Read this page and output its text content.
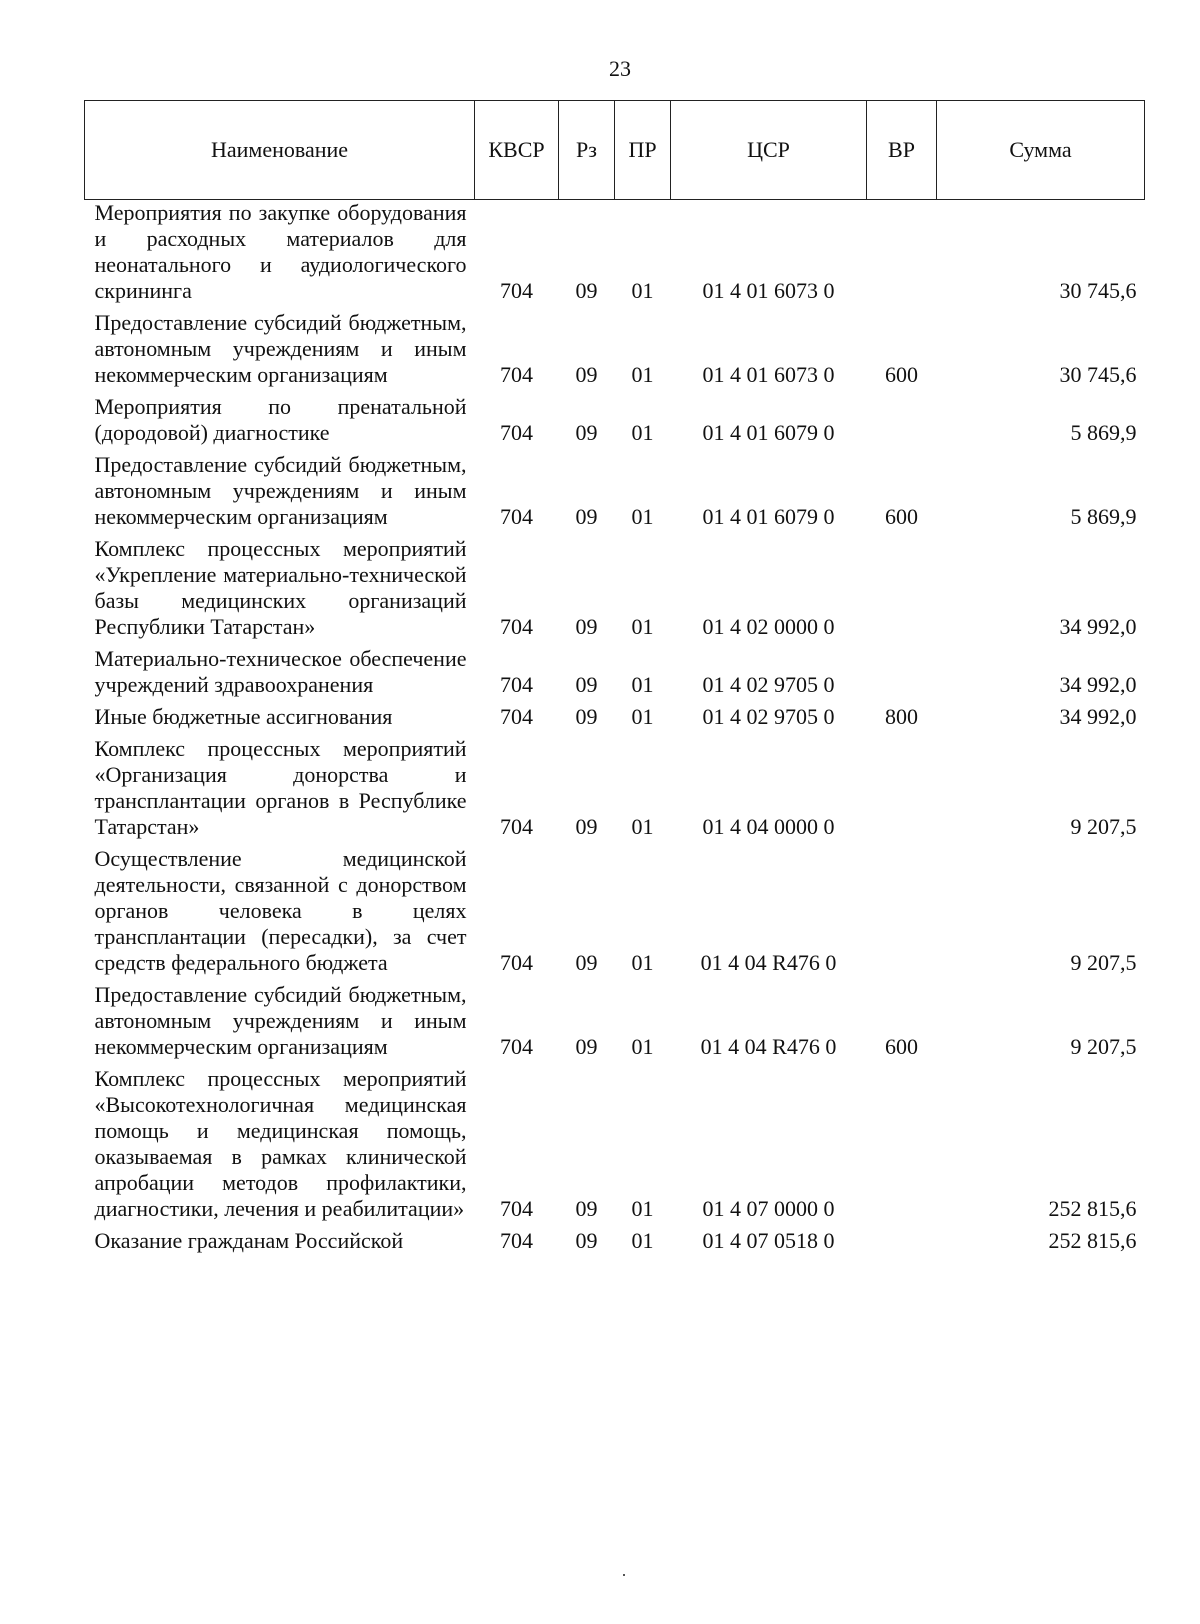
23
Наименование	КВСР	Рз	ПР	ЦСР	ВР	Сумма
Мероприятия по закупке оборудования и расходных материалов для неонатального и аудиологического скрининга	704	09	01	01 4 01 6073 0		30 745,6
Предоставление субсидий бюджетным, автономным учреждениям и иным некоммерческим организациям	704	09	01	01 4 01 6073 0	600	30 745,6
Мероприятия по пренатальной (дородовой) диагностике	704	09	01	01 4 01 6079 0		5 869,9
Предоставление субсидий бюджетным, автономным учреждениям и иным некоммерческим организациям	704	09	01	01 4 01 6079 0	600	5 869,9
Комплекс процессных мероприятий «Укрепление материально-технической базы медицинских организаций Республики Татарстан»	704	09	01	01 4 02 0000 0		34 992,0
Материально-техническое обеспечение учреждений здравоохранения	704	09	01	01 4 02 9705 0		34 992,0
Иные бюджетные ассигнования	704	09	01	01 4 02 9705 0	800	34 992,0
Комплекс процессных мероприятий «Организация донорства и трансплантации органов в Республике Татарстан»	704	09	01	01 4 04 0000 0		9 207,5
Осуществление медицинской деятельности, связанной с донорством органов человека в целях трансплантации (пересадки), за счет средств федерального бюджета	704	09	01	01 4 04 R476 0		9 207,5
Предоставление субсидий бюджетным, автономным учреждениям и иным некоммерческим организациям	704	09	01	01 4 04 R476 0	600	9 207,5
Комплекс процессных мероприятий «Высокотехнологичная медицинская помощь и медицинская помощь, оказываемая в рамках клинической апробации методов профилактики, диагностики, лечения и реабилитации»	704	09	01	01 4 07 0000 0		252 815,6
Оказание гражданам Российской	704	09	01	01 4 07 0518 0		252 815,6
